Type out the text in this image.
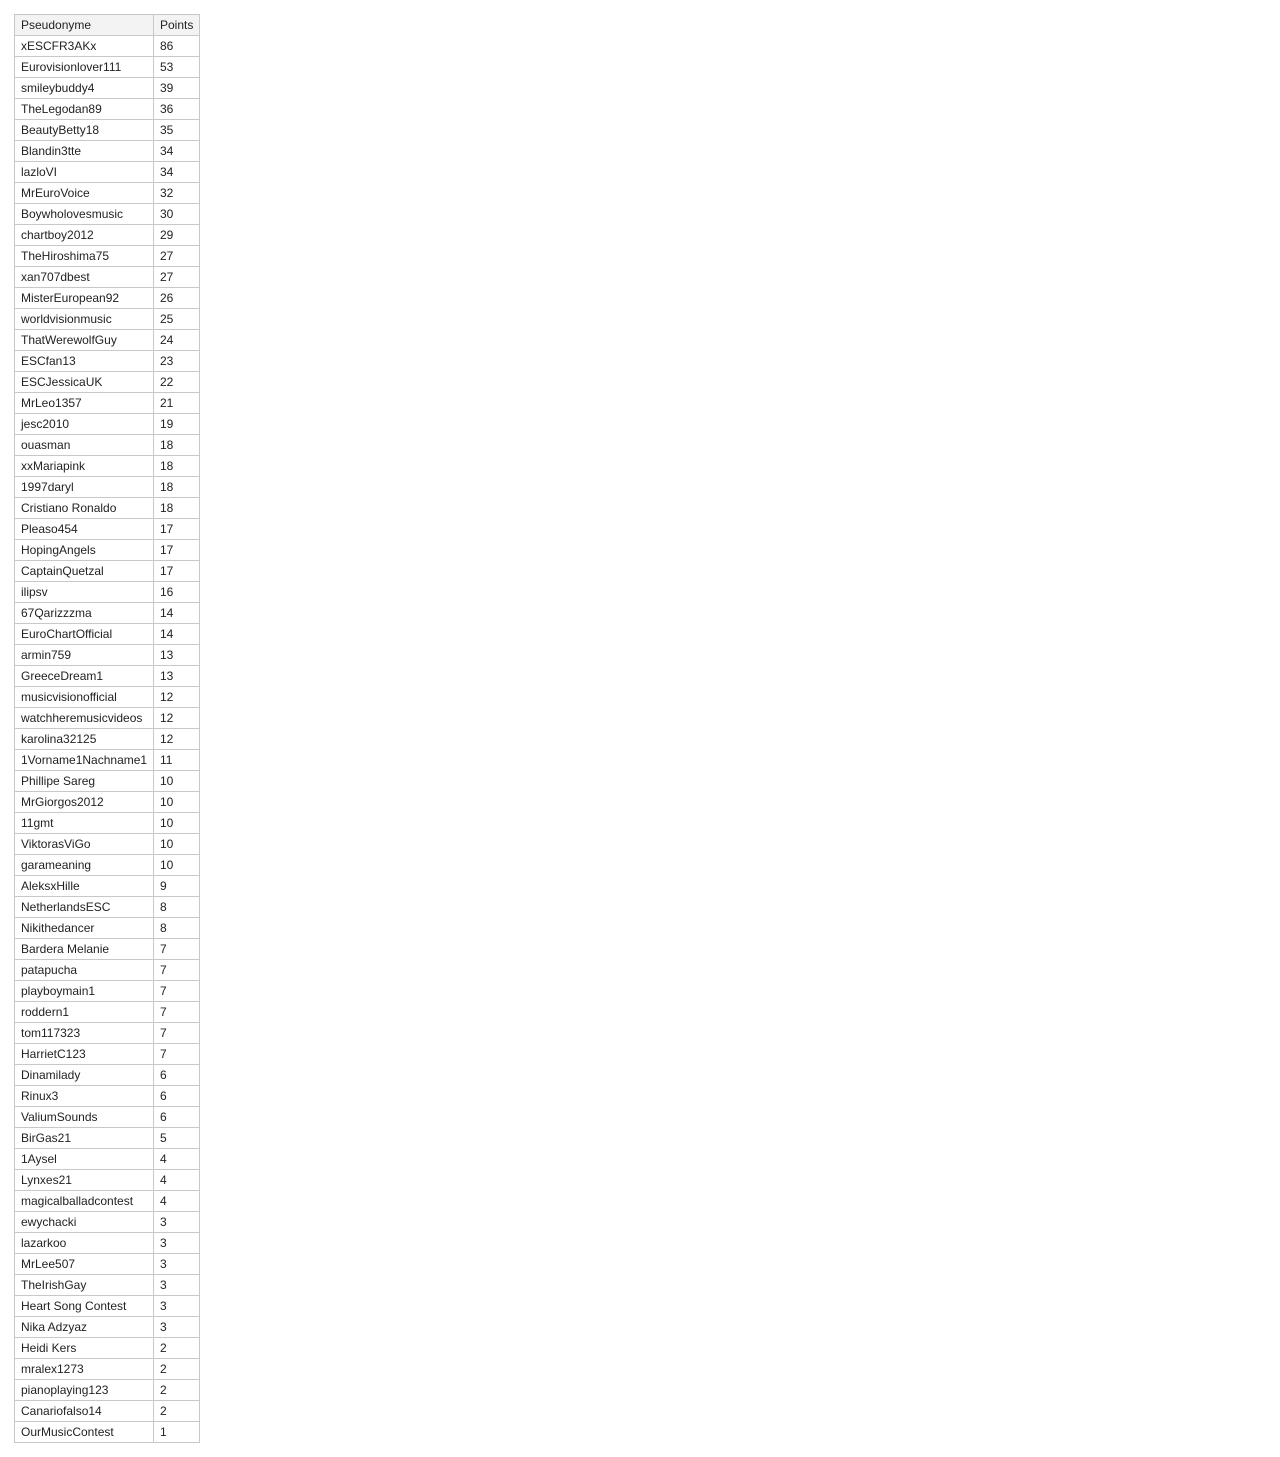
Pseudonyme	Points
xESCFR3AKx	86
Eurovisionlover111	53
smileybuddy4	39
TheLegodan89	36
BeautyBetty18	35
Blandin3tte	34
lazloVI	34
MrEuroVoice	32
Boywholovesmusic	30
chartboy2012	29
TheHiroshima75	27
xan707dbest	27
MisterEuropean92	26
worldvisionmusic	25
ThatWerewolfGuy	24
ESCfan13	23
ESCJessicaUK	22
MrLeo1357	21
jesc2010	19
ouasman	18
xxMariapink	18
1997daryl	18
Cristiano Ronaldo	18
Pleaso454	17
HopingAngels	17
CaptainQuetzal	17
ilipsv	16
67Qarizzzma	14
EuroChartOfficial	14
armin759	13
GreeceDream1	13
musicvisionofficial	12
watchheremusicvideos	12
karolina32125	12
1Vorname1Nachname1	11
Phillipe Sareg	10
MrGiorgos2012	10
11gmt	10
ViktorasViGo	10
garameaning	10
AleksxHille	9
NetherlandsESC	8
Nikithedancer	8
Bardera Melanie	7
patapucha	7
playboymain1	7
roddern1	7
tom117323	7
HarrietC123	7
Dinamilady	6
Rinux3	6
ValiumSounds	6
BirGas21	5
1Aysel	4
Lynxes21	4
magicalballadcontest	4
ewychacki	3
lazarkoo	3
MrLee507	3
TheIrishGay	3
Heart Song Contest	3
Nika Adzyaz	3
Heidi Kers	2
mralex1273	2
pianoplaying123	2
Canariofalso14	2
OurMusicContest	1
